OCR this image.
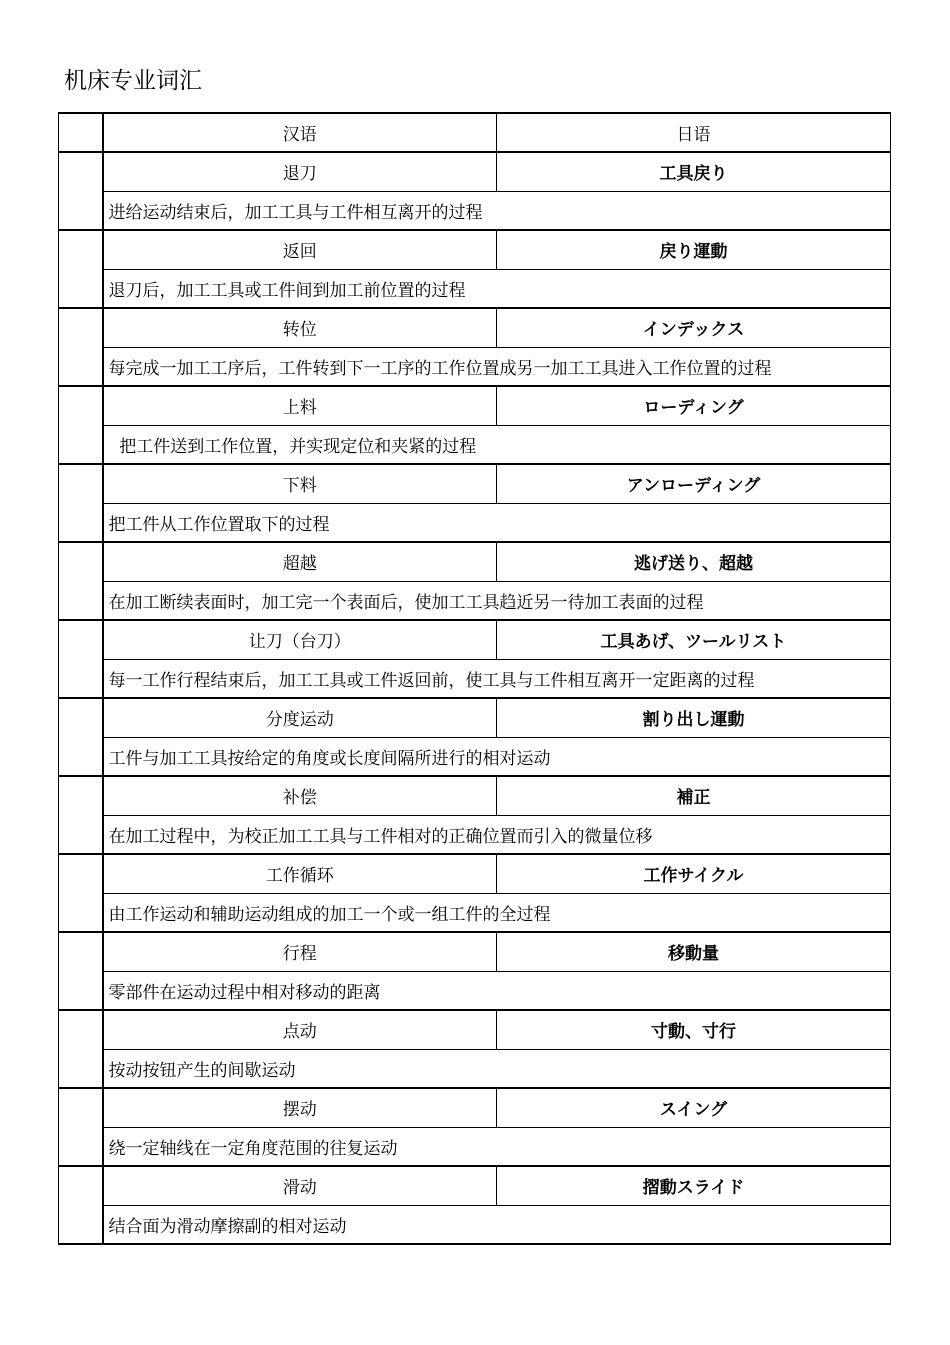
机床专业词汇
	汉语	日语
	退刀	工具戻り
	进给运动结束后，加工工具与工件相互离开的过程	
	返回	戻り運動
	退刀后，加工工具或工件间到加工前位置的过程	
	转位	インデックス
	每完成一加工工序后，工件转到下一工序的工作位置成另一加工工具进入工作位置的过程	
	上料	ローディング
	把工件送到工作位置，并实现定位和夹紧的过程	
	下料	アンローディング
	把工件从工作位置取下的过程	
	超越	逃げ送り、超越
	在加工断续表面时，加工完一个表面后，使加工工具趋近另一待加工表面的过程	
	让刀（台刀）	工具あげ、ツールリスト
	每一工作行程结束后，加工工具或工件返回前，使工具与工件相互离开一定距离的过程	
	分度运动	割り出し運動
	工件与加工工具按给定的角度或长度间隔所进行的相对运动	
	补偿	補正
	在加工过程中，为校正加工工具与工件相对的正确位置而引入的微量位移	
	工作循环	工作サイクル
	由工作运动和辅助运动组成的加工一个或一组工件的全过程	
	行程	移動量
	零部件在运动过程中相对移动的距离	
	点动	寸動、寸行
	按动按钮产生的间歇运动	
	摆动	スイング
	绕一定轴线在一定角度范围的往复运动	
	滑动	摺動スライド
	结合面为滑动摩擦副的相对运动	
